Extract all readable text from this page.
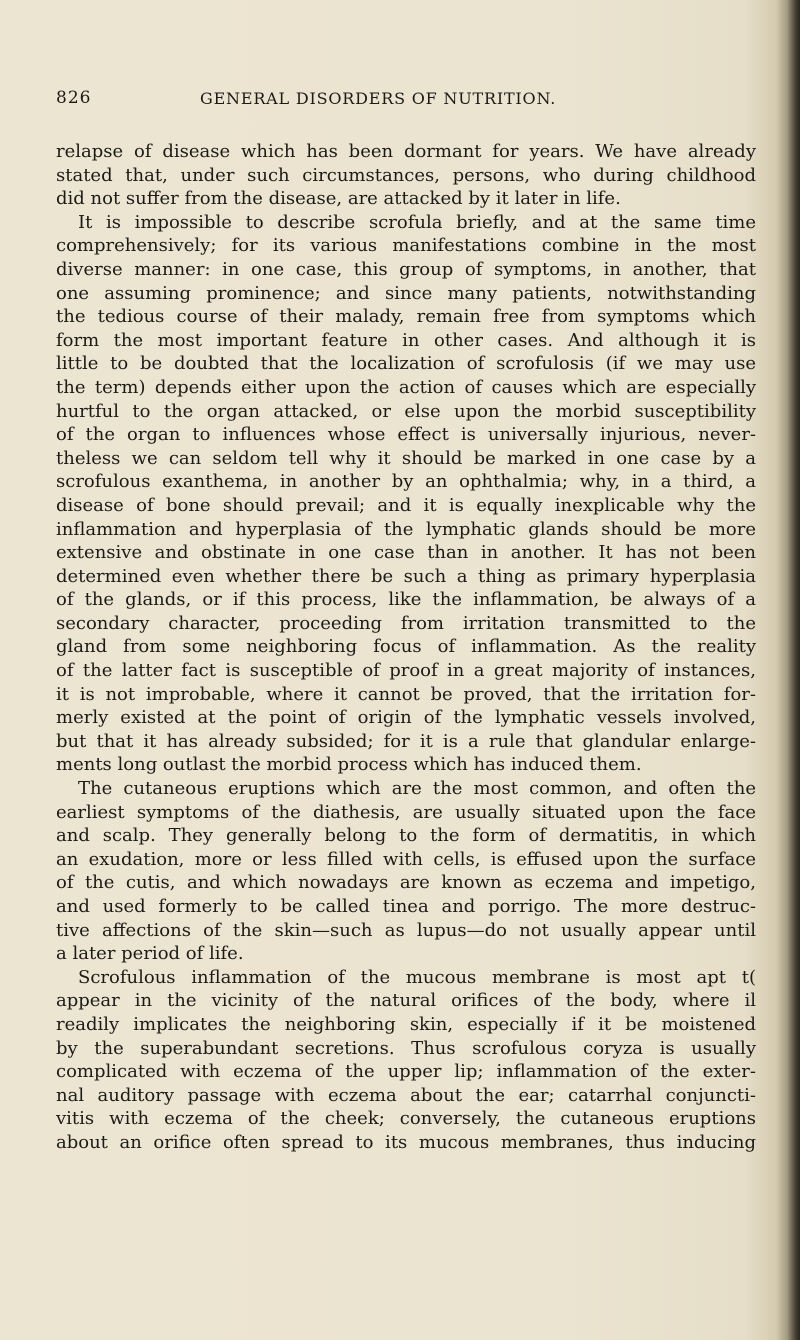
826	GENERAL DISORDERS OF NUTRITION.
relapse of disease which has been dormant for years. We have already
stated that, under such circumstances, persons, who during childhood
did not suffer from the disease, are attacked by it later in life.
It is impossible to describe scrofula briefly, and at the same time
comprehensively; for its various manifestations combine in the most
diverse manner: in one case, this group of symptoms, in another, that
one assuming prominence; and since many patients, notwithstanding
the tedious course of their malady, remain free from symptoms which
form the most important feature in other cases. And although it is
little to be doubted that the localization of scrofulosis (if we may use
the term) depends either upon the action of causes which are especially
hurtful to the organ attacked, or else upon the morbid susceptibility
of the organ to influences whose effect is universally injurious, never-
theless we can seldom tell why it should be marked in one case by a
scrofulous exanthema, in another by an ophthalmia; why, in a third, a
disease of bone should prevail; and it is equally inexplicable why the
inflammation and hyperplasia of the lymphatic glands should be more
extensive and obstinate in one case than in another. It has not been
determined even whether there be such a thing as primary hyperplasia
of the glands, or if this process, like the inflammation, be always of a
secondary character, proceeding from irritation transmitted to the
gland from some neighboring focus of inflammation. As the reality
of the latter fact is susceptible of proof in a great majority of instances,
it is not improbable, where it cannot be proved, that the irritation for-
merly existed at the point of origin of the lymphatic vessels involved,
but that it has already subsided; for it is a rule that glandular enlarge-
ments long outlast the morbid process which has induced them.
The cutaneous eruptions which are the most common, and often the
earliest symptoms of the diathesis, are usually situated upon the face
and scalp. They generally belong to the form of dermatitis, in which
an exudation, more or less filled with cells, is effused upon the surface
of the cutis, and which nowadays are known as eczema and impetigo,
and used formerly to be called tinea and porrigo. The more destruc-
tive affections of the skin—such as lupus—do not usually appear until
a later period of life.
Scrofulous inflammation of the mucous membrane is most apt t(
appear in the vicinity of the natural orifices of the body, where il
readily implicates the neighboring skin, especially if it be moistened
by the superabundant secretions. Thus scrofulous coryza is usually
complicated with eczema of the upper lip; inflammation of the exter-
nal auditory passage with eczema about the ear; catarrhal conjuncti-
vitis with eczema of the cheek; conversely, the cutaneous eruptions
about an orifice often spread to its mucous membranes, thus inducing
